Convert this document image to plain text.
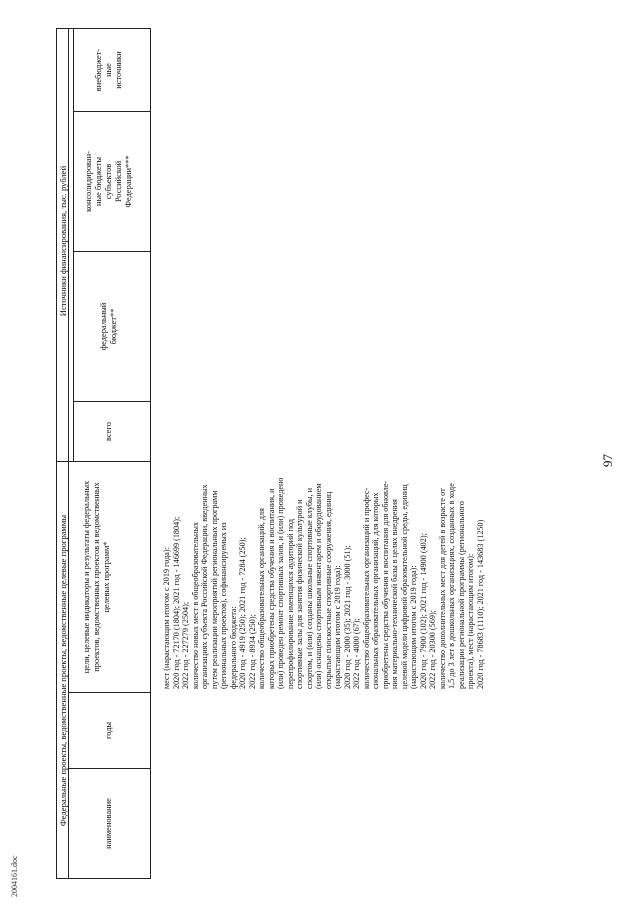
97
2004161.doc
Федеральные проекты, ведомственные проекты, ведомственные целевые программы
Источники финансирования, тыс. рублей
наименование
годы
цели, целевые индикаторы и результаты федеральных проектов, ведомственных проектов и ведомственных целевых программ*
всего
федеральный бюджет**
консолидирован- ные бюджеты субъектов Российской Федерации***
внебюджет- ные источники
мест (нарастающим итогом с 2019 года): 2020 год - 72170 (1804); 2021 год - 146699 (1804); 2022 год - 227279 (2504); количество новых мест в общеобразовательных организациях субъекта Российской Федерации, введенных путем реализации мероприятий региональных программ (региональных проектов), софинансируемых из федерального бюджета: 2020 год - 4919 (250); 2021 год - 7284 (250); 2022 год - 8934 (250); количество общеобразовательных организаций, для которых приобретены средства обучения и воспитания, и (или) проведен ремонт спортивных залов, и (или) проведено перепрофилирование имеющихся аудиторий под спортивные залы для занятия физической культурой и спортом, и (или) созданы школьные спортивные клубы, и (или) оснащены спортивным инвентарем и оборудованием открытые плоскостные спортивные сооружения, единиц (нарастающим итогом с 2019 года): 2020 год - 2000 (35); 2021 год - 3000 (51); 2022 год - 4000 (67); количество общеобразовательных организаций и профес- сиональных образовательных организаций, для которых приобретены средства обучения и воспитания для обновле- ния материально-технической базы в целях внедрения целевой модели цифровой образовательной среды, единиц (нарастающим итогом с 2019 года): 2020 год - 7900 (102); 2021 год - 14900 (402); 2022 год - 20300 (569); количество дополнительных мест для детей в возрасте от 1,5 до 3 лет в дошкольных организациях, созданных в ходе реализации региональной программы (регионального проекта), мест (нарастающим итогом): 2020 год - 78683 (1110); 2021 год - 143683 (1250)
